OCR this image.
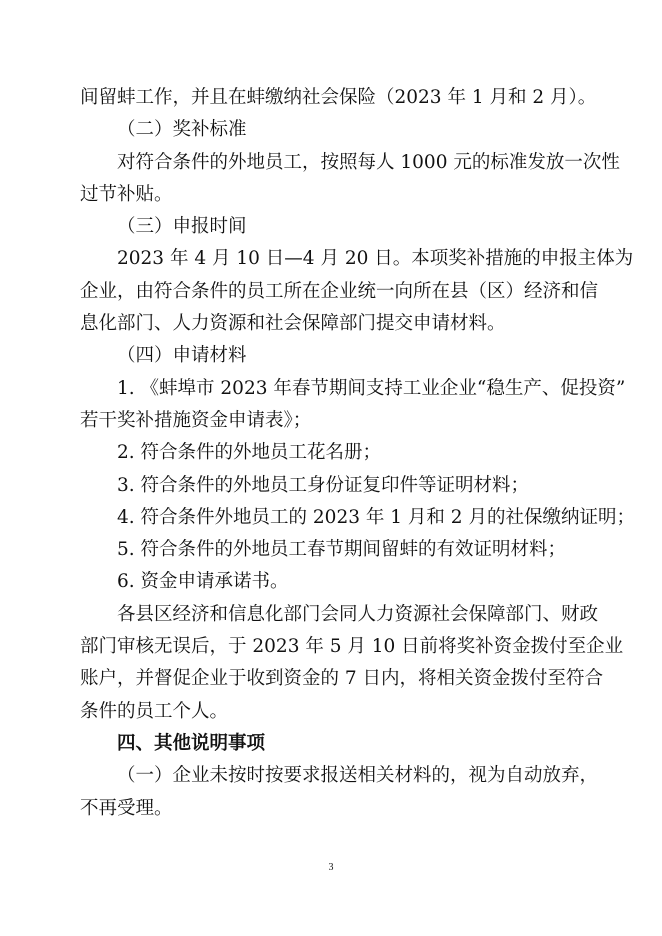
间留蚌工作，并且在蚌缴纳社会保险（2023 年 1 月和 2 月）。
（二）奖补标准
对符合条件的外地员工，按照每人 1000 元的标准发放一次性
过节补贴。
（三）申报时间
2023 年 4 月 10 日—4 月 20 日。本项奖补措施的申报主体为
企业，由符合条件的员工所在企业统一向所在县（区）经济和信
息化部门、人力资源和社会保障部门提交申请材料。
（四）申请材料
1. 《蚌埠市 2023 年春节期间支持工业企业“稳生产、促投资”
若干奖补措施资金申请表》；
2. 符合条件的外地员工花名册；
3. 符合条件的外地员工身份证复印件等证明材料；
4. 符合条件外地员工的 2023 年 1 月和 2 月的社保缴纳证明；
5. 符合条件的外地员工春节期间留蚌的有效证明材料；
6. 资金申请承诺书。
各县区经济和信息化部门会同人力资源社会保障部门、财政
部门审核无误后，于 2023 年 5 月 10 日前将奖补资金拨付至企业
账户，并督促企业于收到资金的 7 日内，将相关资金拨付至符合
条件的员工个人。
四、其他说明事项
（一）企业未按时按要求报送相关材料的，视为自动放弃，
不再受理。
3
